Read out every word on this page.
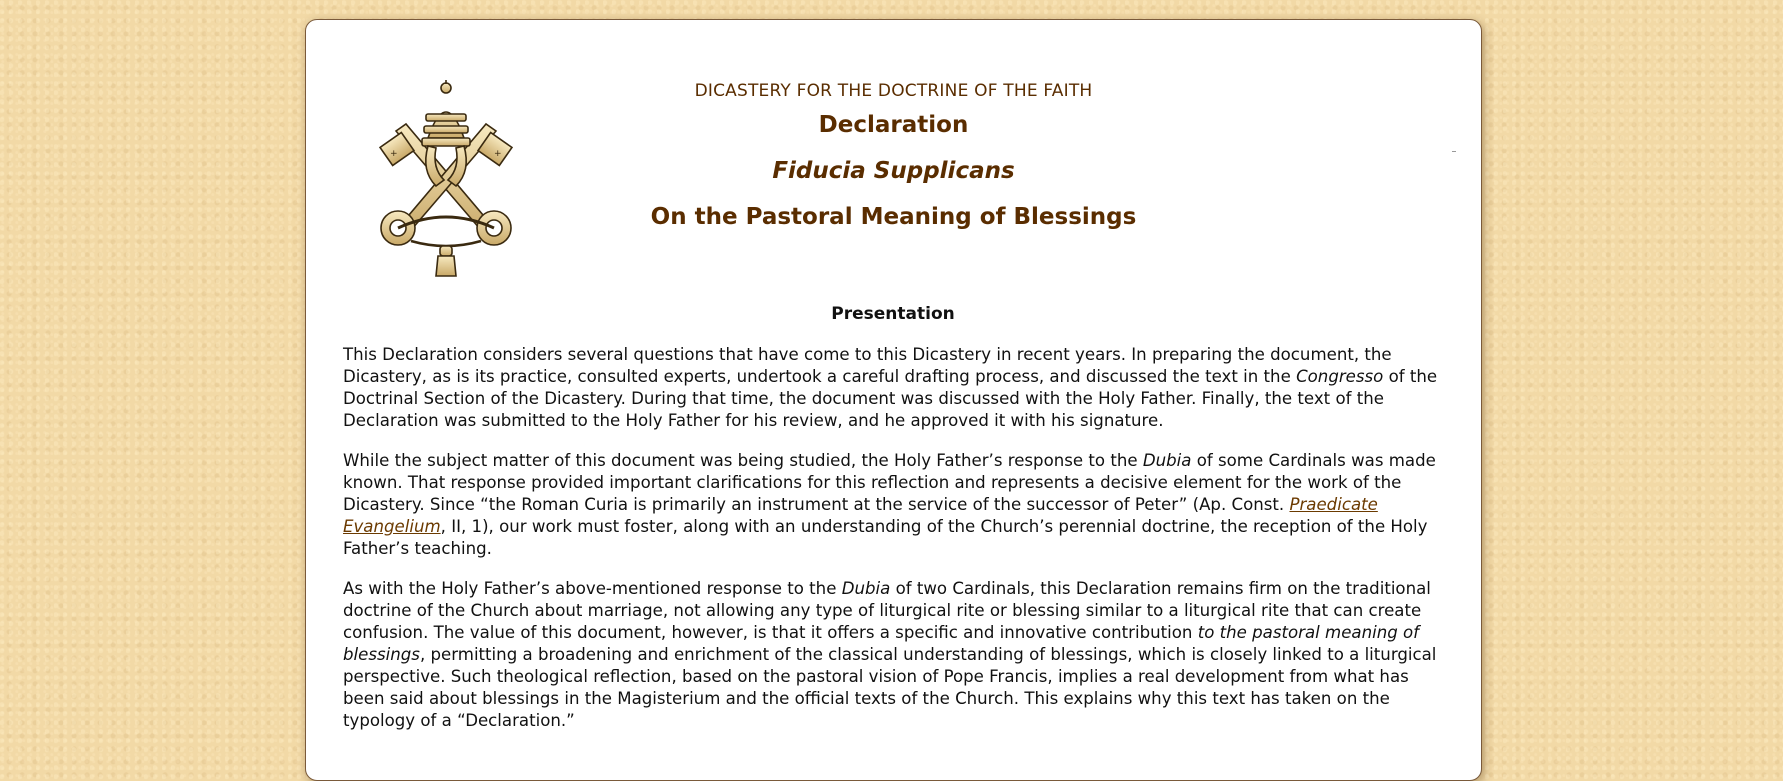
+	+

DICASTERY FOR THE DOCTRINE OF THE FAITH

Declaration

Fiducia Supplicans

On the Pastoral Meaning of Blessings

Presentation

This Declaration considers several questions that have come to this Dicastery in recent years. In preparing the document, the Dicastery, as is its practice, consulted experts, undertook a careful drafting process, and discussed the text in the Congresso of the Doctrinal Section of the Dicastery. During that time, the document was discussed with the Holy Father. Finally, the text of the Declaration was submitted to the Holy Father for his review, and he approved it with his signature.

While the subject matter of this document was being studied, the Holy Father’s response to the Dubia of some Cardinals was made known. That response provided important clarifications for this reflection and represents a decisive element for the work of the Dicastery. Since “the Roman Curia is primarily an instrument at the service of the successor of Peter” (Ap. Const. Praedicate Evangelium, II, 1), our work must foster, along with an understanding of the Church’s perennial doctrine, the reception of the Holy Father’s teaching.

As with the Holy Father’s above-mentioned response to the Dubia of two Cardinals, this Declaration remains firm on the traditional doctrine of the Church about marriage, not allowing any type of liturgical rite or blessing similar to a liturgical rite that can create confusion. The value of this document, however, is that it offers a specific and innovative contribution to the pastoral meaning of blessings, permitting a broadening and enrichment of the classical understanding of blessings, which is closely linked to a liturgical perspective. Such theological reflection, based on the pastoral vision of Pope Francis, implies a real development from what has been said about blessings in the Magisterium and the official texts of the Church. This explains why this text has taken on the typology of a “Declaration.”
